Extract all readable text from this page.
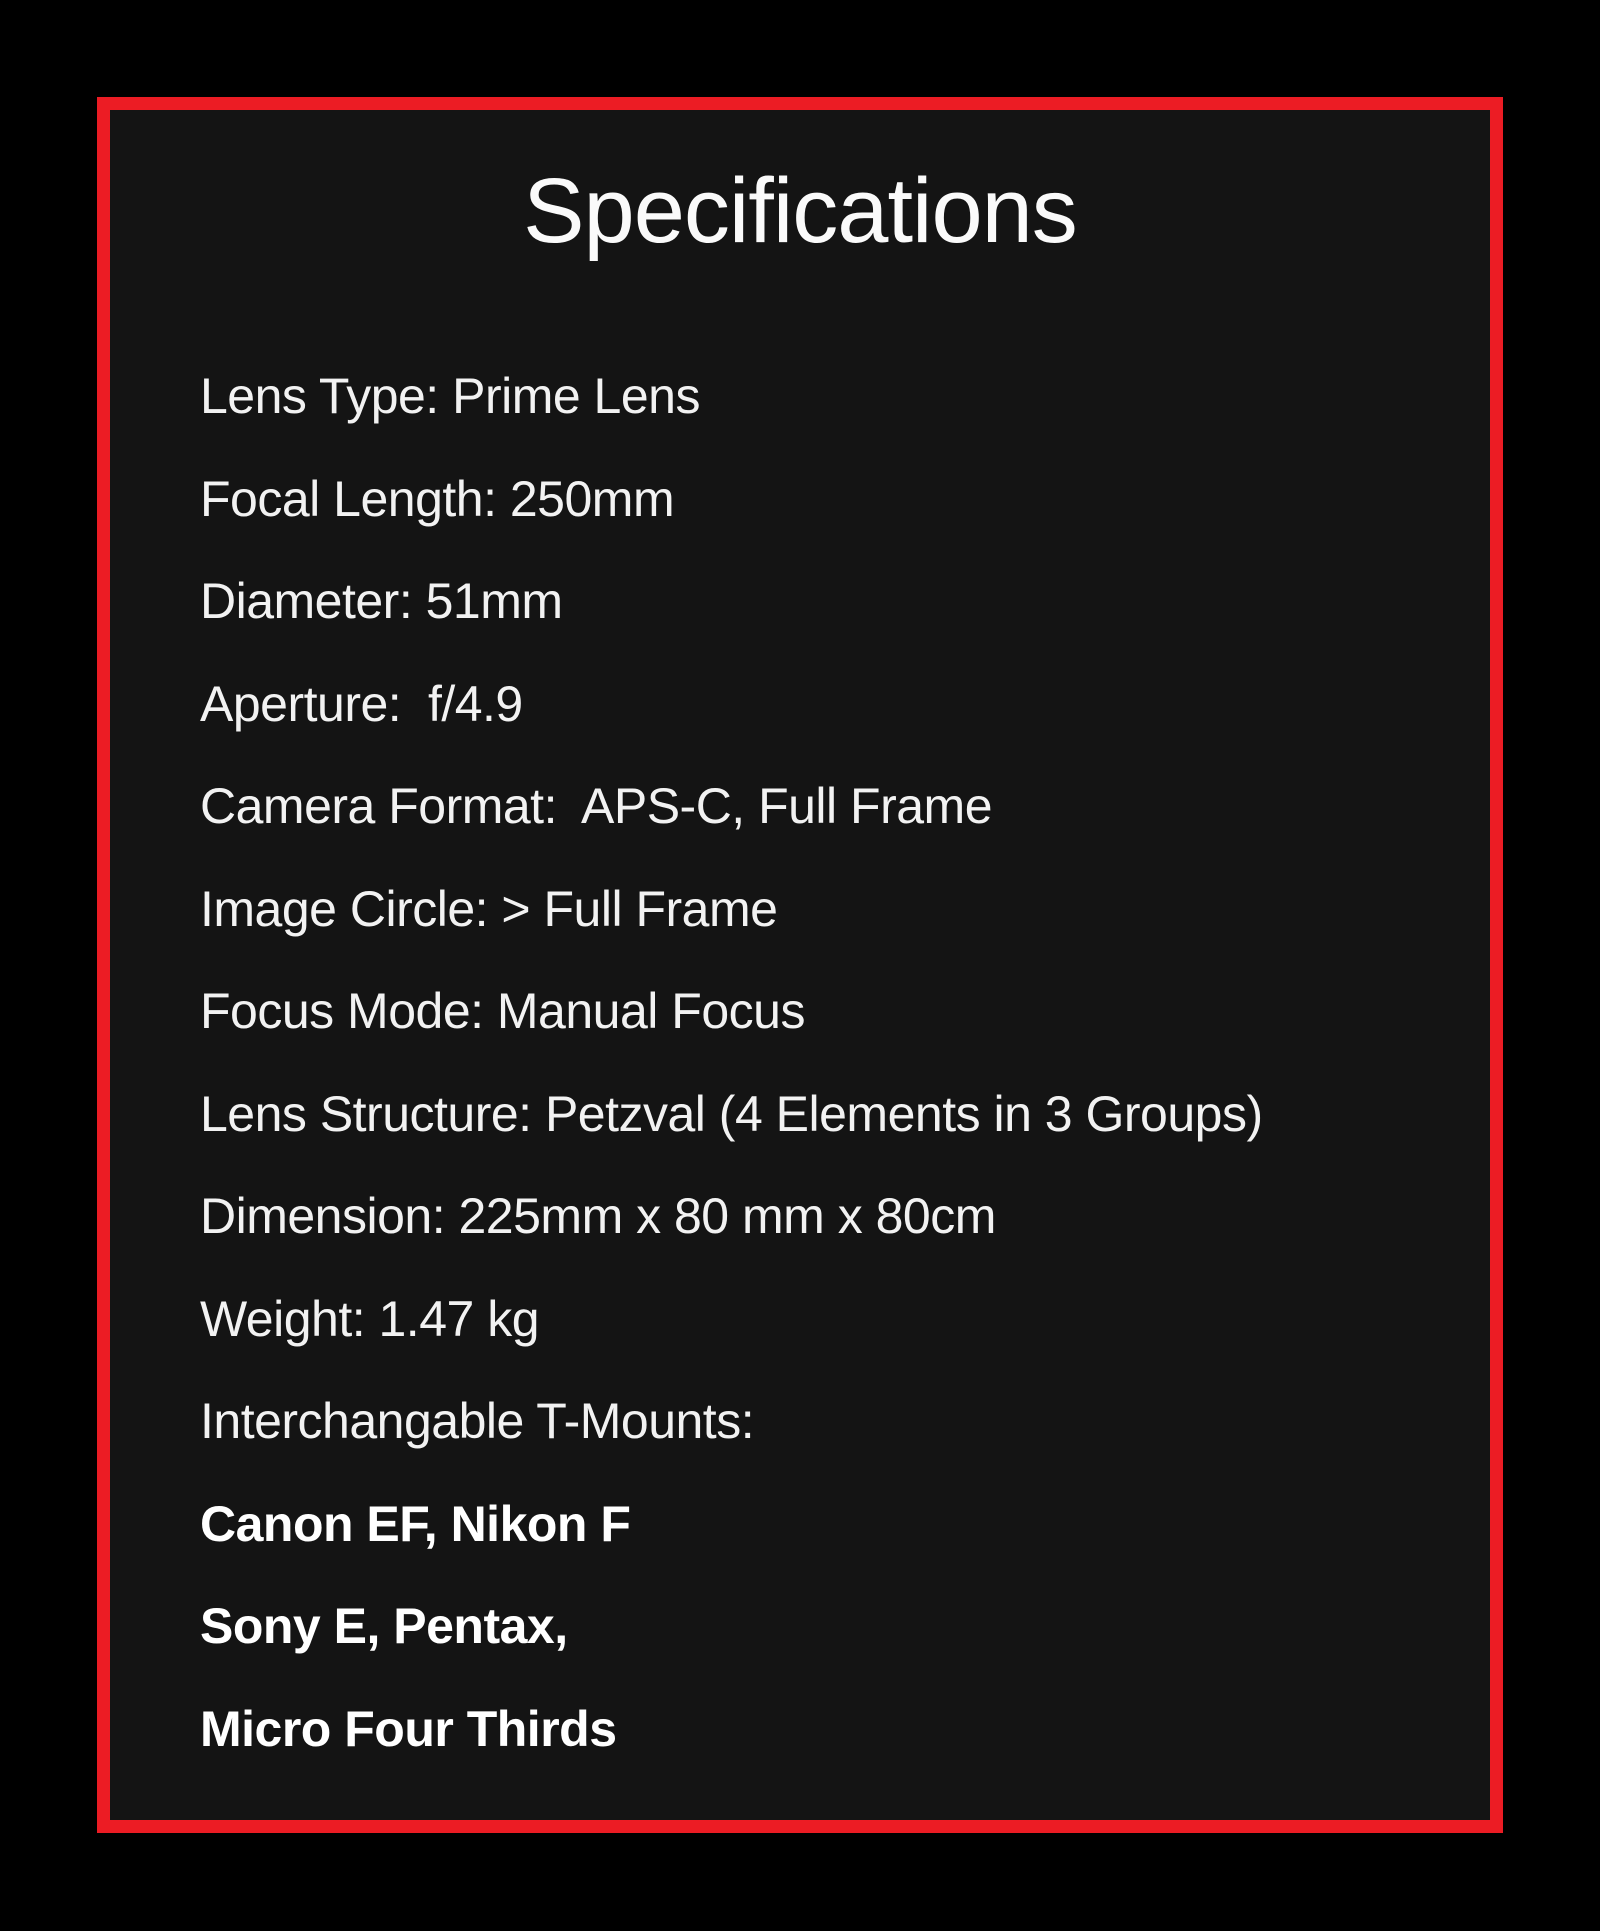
Specifications
Lens Type: Prime Lens
Focal Length: 250mm
Diameter: 51mm
Aperture:  f/4.9
Camera Format:  APS-C, Full Frame
Image Circle: > Full Frame
Focus Mode: Manual Focus
Lens Structure: Petzval (4 Elements in 3 Groups)
Dimension: 225mm x 80 mm x 80cm
Weight: 1.47 kg
Interchangable T-Mounts:
Canon EF, Nikon F
Sony E, Pentax,
Micro Four Thirds
